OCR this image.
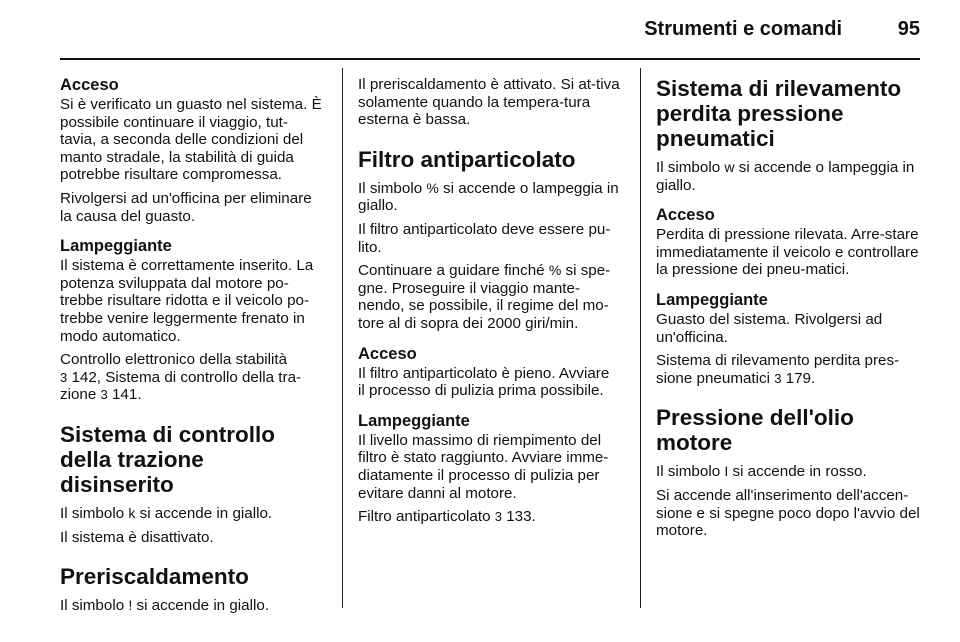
Strumenti e comandi	95
Acceso

Si è verificato un guasto nel sistema. È possibile continuare il viaggio, tut-tavia, a seconda delle condizioni del manto stradale, la stabilità di guida potrebbe risultare compromessa.

Rivolgersi ad un'officina per eliminare la causa del guasto.

Lampeggiante

Il sistema è correttamente inserito. La potenza sviluppata dal motore po-trebbe risultare ridotta e il veicolo po-trebbe venire leggermente frenato in modo automatico.

Controllo elettronico della stabilità
3 142, Sistema di controllo della tra-zione 3 141.

Sistema di controllo della trazione disinserito

Il simbolo k si accende in giallo.

Il sistema è disattivato.

Preriscaldamento

Il simbolo ! si accende in giallo.

Il preriscaldamento è attivato. Si at-tiva solamente quando la tempera-tura esterna è bassa.

Filtro antiparticolato

Il simbolo % si accende o lampeggia in giallo.

Il filtro antiparticolato deve essere pu-lito.

Continuare a guidare finché % si spe-gne. Proseguire il viaggio mante-nendo, se possibile, il regime del mo-tore al di sopra dei 2000 giri/min.

Acceso

Il filtro antiparticolato è pieno. Avviare il processo di pulizia prima possibile.

Lampeggiante

Il livello massimo di riempimento del filtro è stato raggiunto. Avviare imme-diatamente il processo di pulizia per evitare danni al motore.

Filtro antiparticolato 3 133.

Sistema di rilevamento perdita pressione pneumatici

Il simbolo w si accende o lampeggia in giallo.

Acceso

Perdita di pressione rilevata. Arre-stare immediatamente il veicolo e controllare la pressione dei pneu-matici.

Lampeggiante

Guasto del sistema. Rivolgersi ad un'officina.

Sistema di rilevamento perdita pres-sione pneumatici 3 179.

Pressione dell'olio motore

Il simbolo I si accende in rosso.

Si accende all'inserimento dell'accen-sione e si spegne poco dopo l'avvio del motore.
